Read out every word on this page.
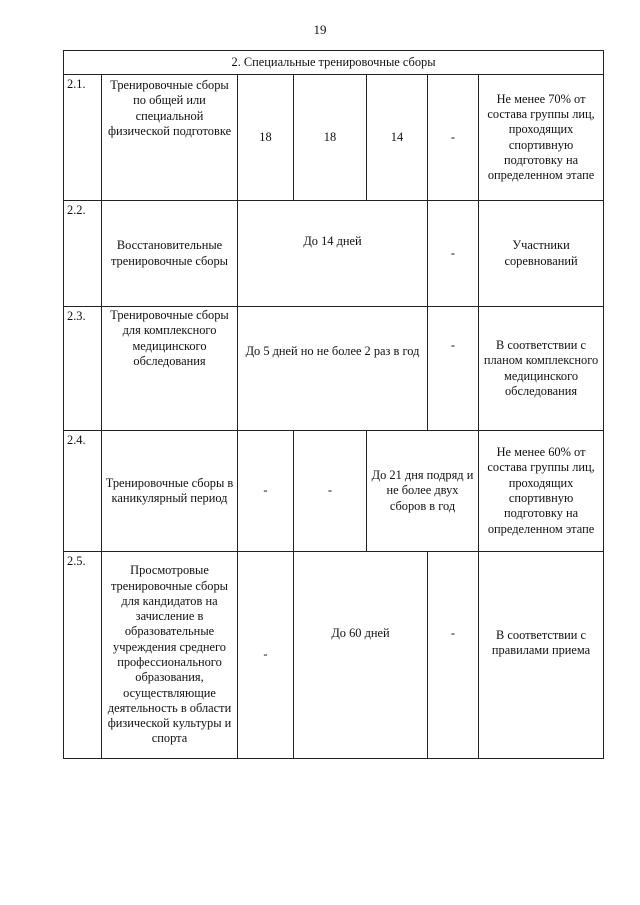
19
2. Специальные тренировочные сборы						
2.1.	Тренировочные сборы по общей или специальной физической подготовке	18	18	14	-	Не менее 70% от состава группы лиц, проходящих спортивную подготовку на определенном этапе
2.2.	Восстановительные тренировочные сборы	До 14 дней			-	Участники соревнований
2.3.	Тренировочные сборы для комплексного медицинского обследования	До 5 дней но не более 2 раз в год			-	В соответствии с планом комплексного медицинского обследования
2.4.	Тренировочные сборы в каникулярный период	-	-	До 21 дня подряд и не более двух сборов в год		Не менее 60% от состава группы лиц, проходящих спортивную подготовку на определенном этапе
2.5.	Просмотровые тренировочные сборы для кандидатов на зачисление в образовательные учреждения среднего профессионального образования, осуществляющие деятельность в области физической культуры и спорта	-	До 60 дней		-	В соответствии с правилами приема
